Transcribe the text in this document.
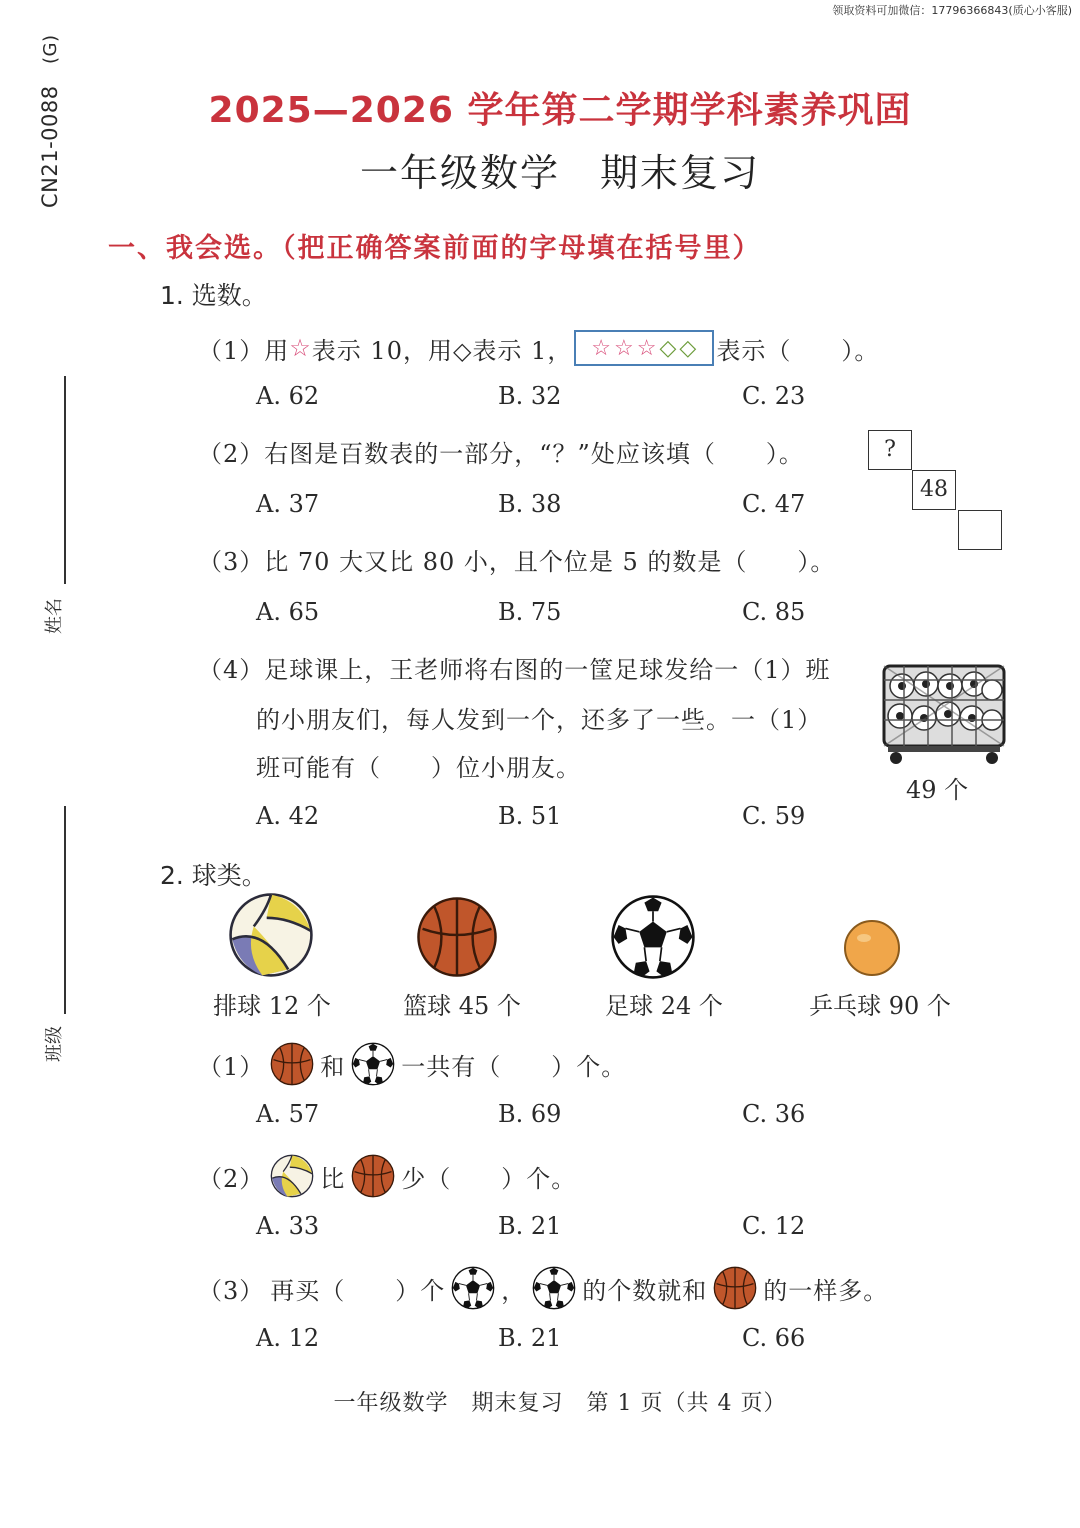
领取资料可加微信：17796366843(质心小客服)
CN21-0088
(G)
姓名
班级
2025—2026 学年第二学期学科素养巩固
一年级数学　期末复习
一、我会选。（把正确答案前面的字母填在括号里）
1. 选数。
（1） 用 ☆ 表示 10，用◇表示 1， ☆ ☆ ☆ ◇ ◇ 表示（　　）。
A. 62	B. 32	C. 23
（2）右图是百数表的一部分，“？”处应该填（　　）。
A. 37	B. 38	C. 47
?
48
（3）比 70 大又比 80 小，且个位是 5 的数是（　　）。
A. 65	B. 75	C. 85
（4）足球课上，王老师将右图的一筐足球发给一（1）班
的小朋友们，每人发到一个，还多了一些。一（1）
班可能有（　　）位小朋友。
A. 42	B. 51	C. 59
49 个
2. 球类。
排球 12 个	篮球 45 个	足球 24 个	乒乓球 90 个
（1） 和 一共有（　　）个。
A. 57	B. 69	C. 36
（2） 比 少（　　）个。
A. 33	B. 21	C. 12
（3） 再买（　　）个 ， 的个数就和 的一样多。
A. 12	B. 21	C. 66
一年级数学　期末复习　第 1 页（共 4 页）
